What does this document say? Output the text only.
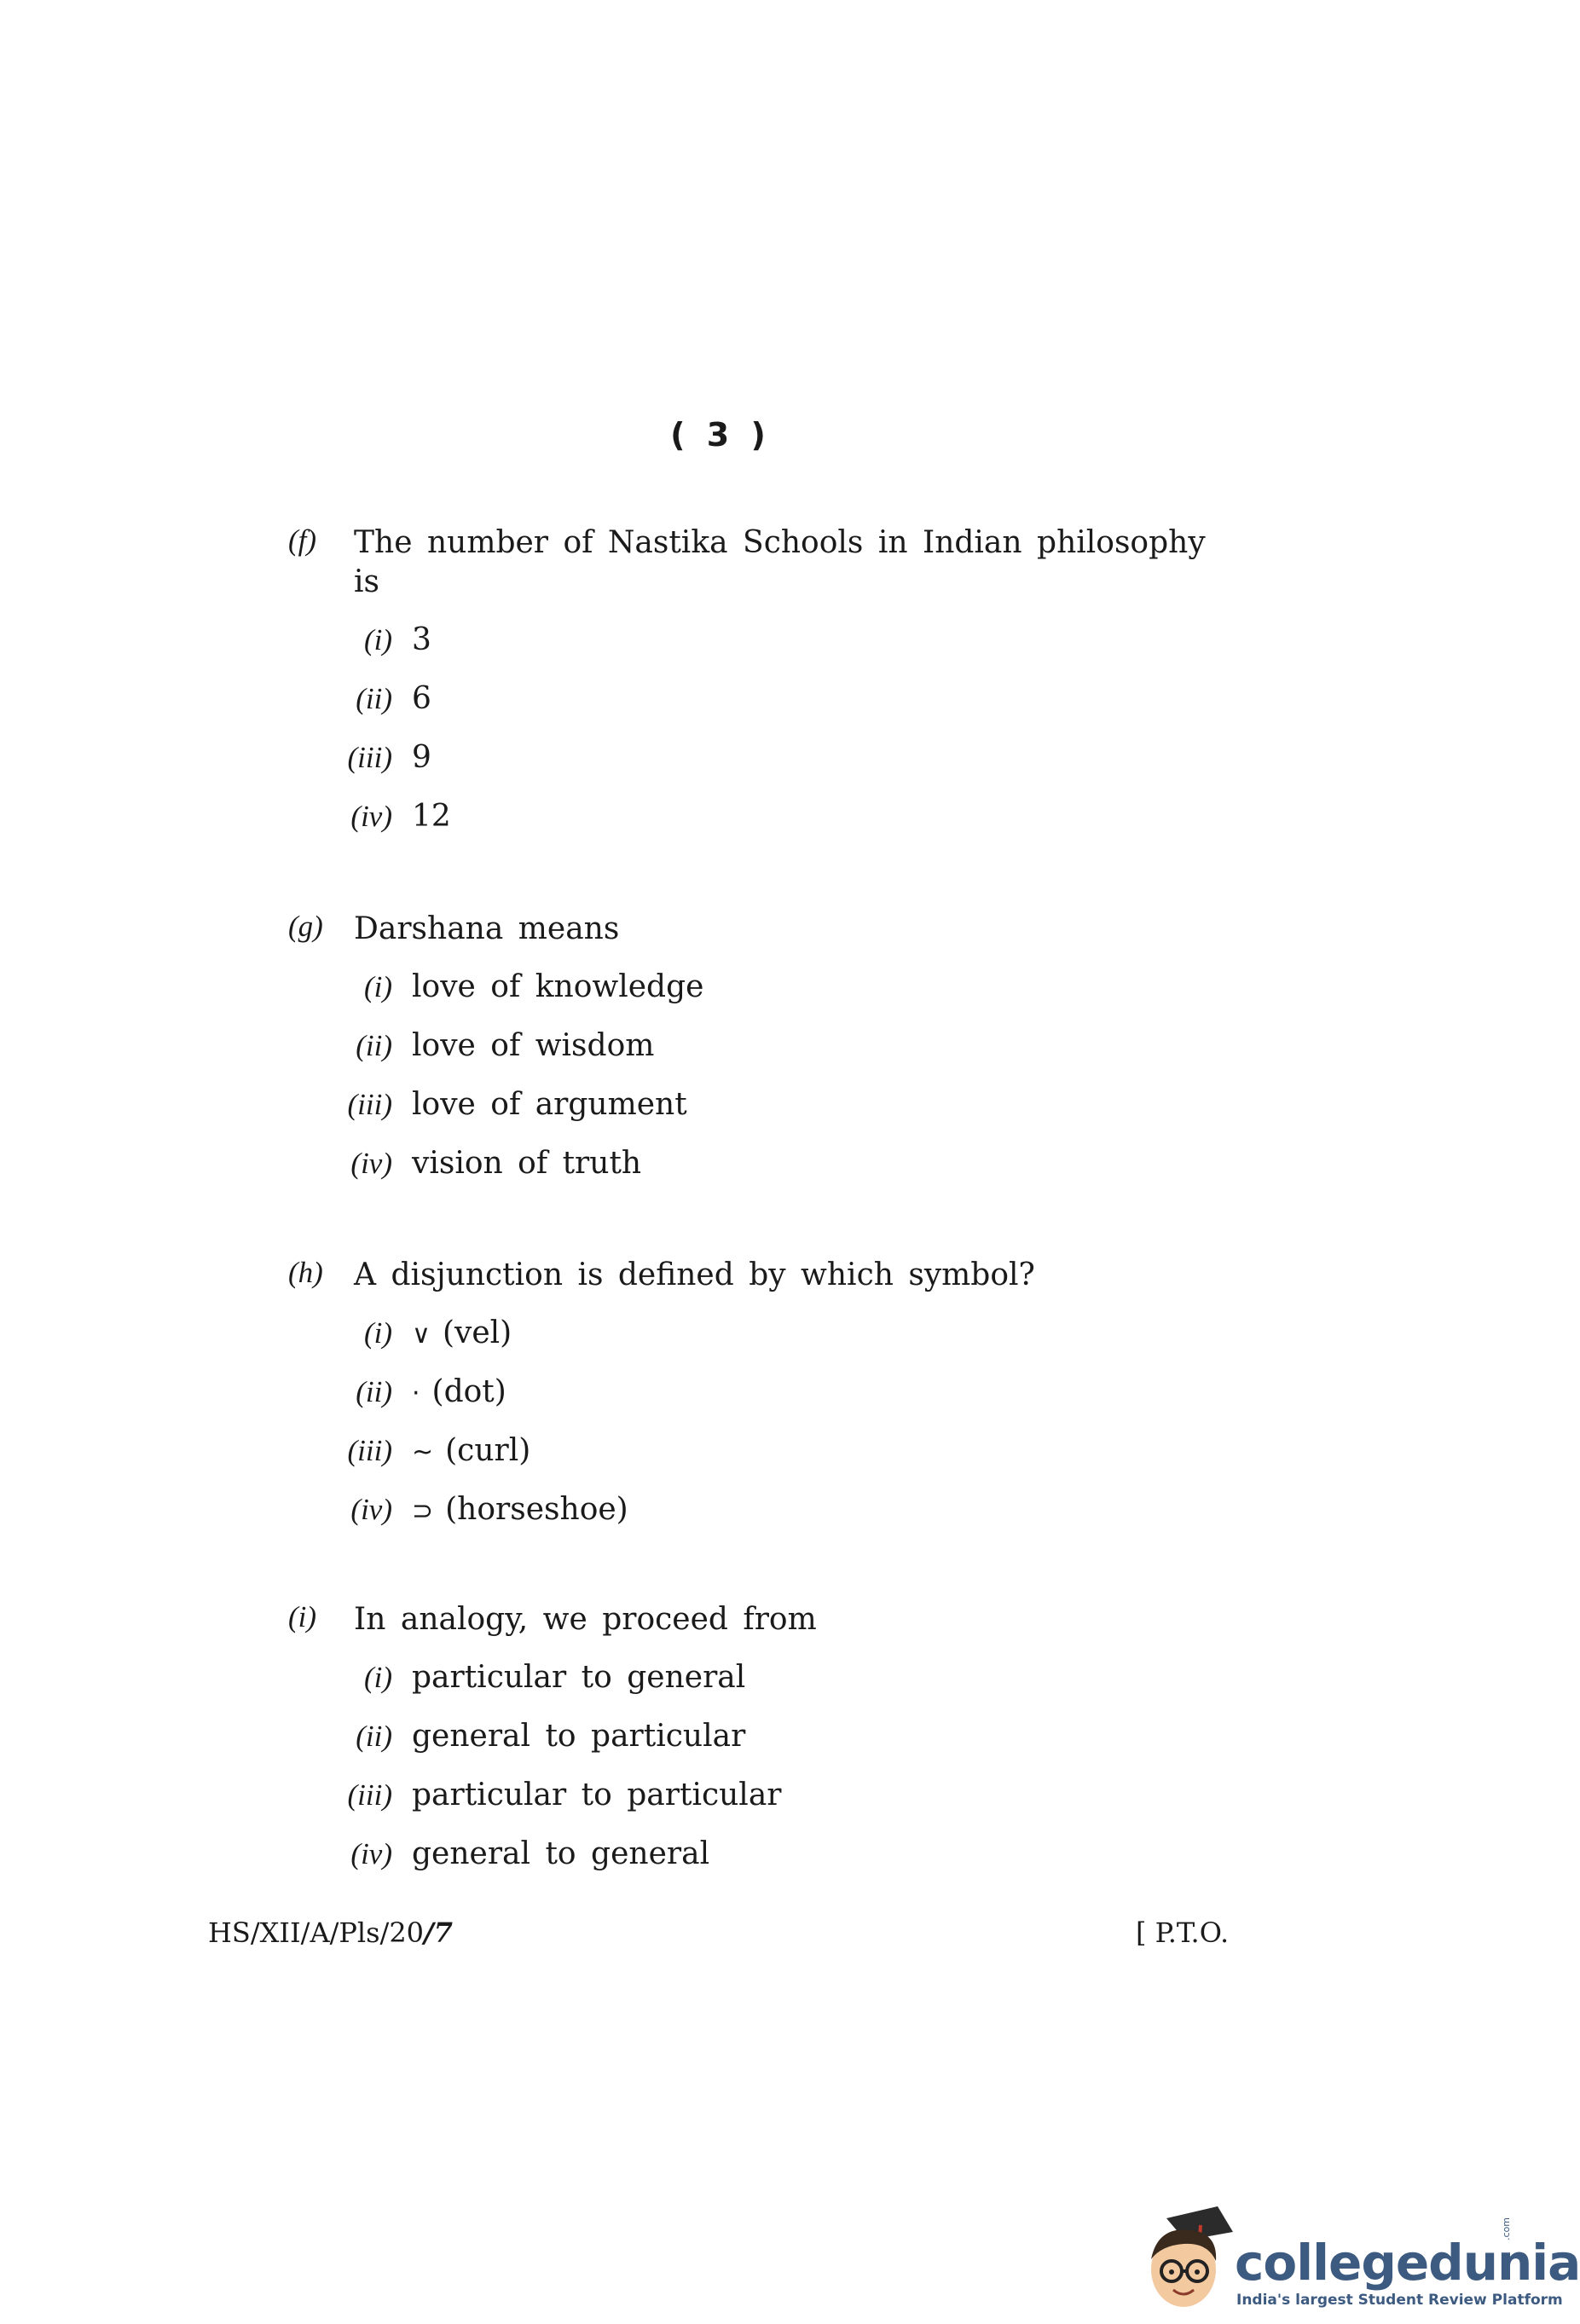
( 3 )
(f)	The number of Nastika Schools in Indian philosophy is
(i) 3
(ii) 6
(iii) 9
(iv) 12
(g)	Darshana means
(i) love of knowledge
(ii) love of wisdom
(iii) love of argument
(iv) vision of truth
(h)	A disjunction is defined by which symbol?
(i) ∨ (vel)
(ii) · (dot)
(iii) ~ (curl)
(iv) ⊃ (horseshoe)
(i)	In analogy, we proceed from
(i) particular to general
(ii) general to particular
(iii) particular to particular
(iv) general to general
HS/XII/A/Pls/20/7	[ P.T.O.
collegedunia
.com
India's largest Student Review Platform
